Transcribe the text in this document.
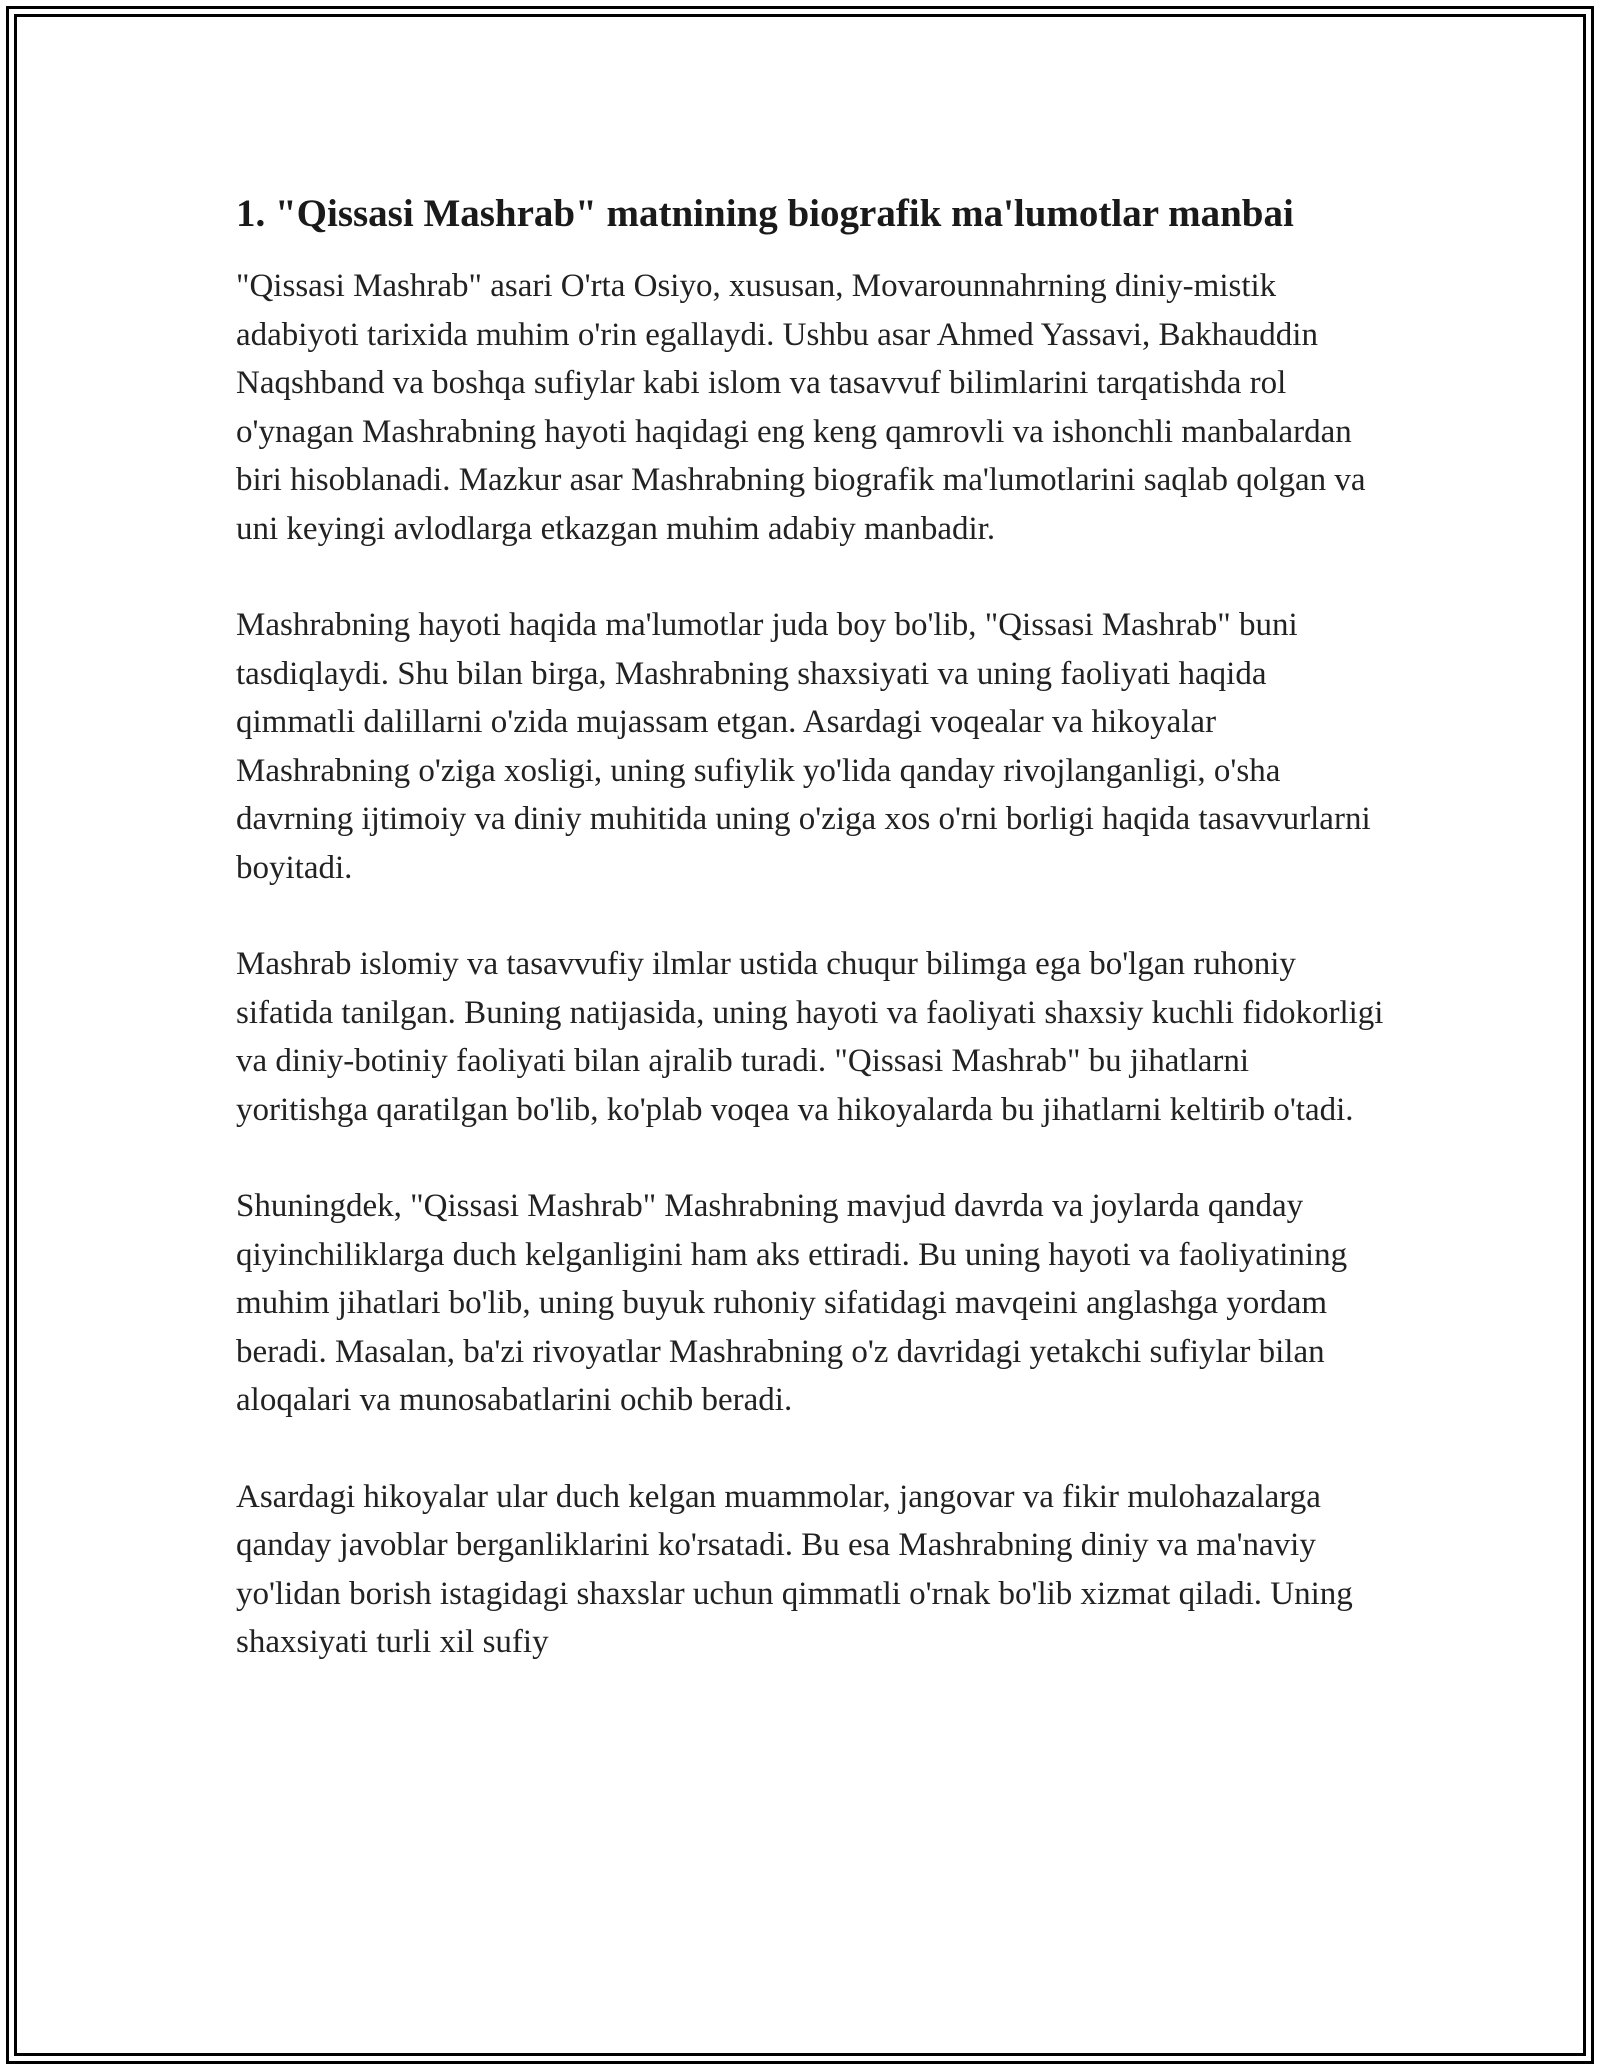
1. "Qissasi Mashrab" matnining biografik ma'lumotlar manbai

"Qissasi Mashrab" asari O'rta Osiyo, xususan, Movarounnahrning diniy-mistik adabiyoti tarixida muhim o'rin egallaydi. Ushbu asar Ahmed Yassavi, Bakhauddin Naqshband va boshqa sufiylar kabi islom va tasavvuf bilimlarini tarqatishda rol o'ynagan Mashrabning hayoti haqidagi eng keng qamrovli va ishonchli manbalardan biri hisoblanadi. Mazkur asar Mashrabning biografik ma'lumotlarini saqlab qolgan va uni keyingi avlodlarga etkazgan muhim adabiy manbadir.

Mashrabning hayoti haqida ma'lumotlar juda boy bo'lib, "Qissasi Mashrab" buni tasdiqlaydi. Shu bilan birga, Mashrabning shaxsiyati va uning faoliyati haqida qimmatli dalillarni o'zida mujassam etgan. Asardagi voqealar va hikoyalar Mashrabning o'ziga xosligi, uning sufiylik yo'lida qanday rivojlanganligi, o'sha davrning ijtimoiy va diniy muhitida uning o'ziga xos o'rni borligi haqida tasavvurlarni boyitadi.

Mashrab islomiy va tasavvufiy ilmlar ustida chuqur bilimga ega bo'lgan ruhoniy sifatida tanilgan. Buning natijasida, uning hayoti va faoliyati shaxsiy kuchli fidokorligi va diniy-botiniy faoliyati bilan ajralib turadi. "Qissasi Mashrab" bu jihatlarni yoritishga qaratilgan bo'lib, ko'plab voqea va hikoyalarda bu jihatlarni keltirib o'tadi.

Shuningdek, "Qissasi Mashrab" Mashrabning mavjud davrda va joylarda qanday qiyinchiliklarga duch kelganligini ham aks ettiradi. Bu uning hayoti va faoliyatining muhim jihatlari bo'lib, uning buyuk ruhoniy sifatidagi mavqeini anglashga yordam beradi. Masalan, ba'zi rivoyatlar Mashrabning o'z davridagi yetakchi sufiylar bilan aloqalari va munosabatlarini ochib beradi.

Asardagi hikoyalar ular duch kelgan muammolar, jangovar va fikir mulohazalarga qanday javoblar berganliklarini ko'rsatadi. Bu esa Mashrabning diniy va ma'naviy yo'lidan borish istagidagi shaxslar uchun qimmatli o'rnak bo'lib xizmat qiladi. Uning shaxsiyati turli xil sufiy
